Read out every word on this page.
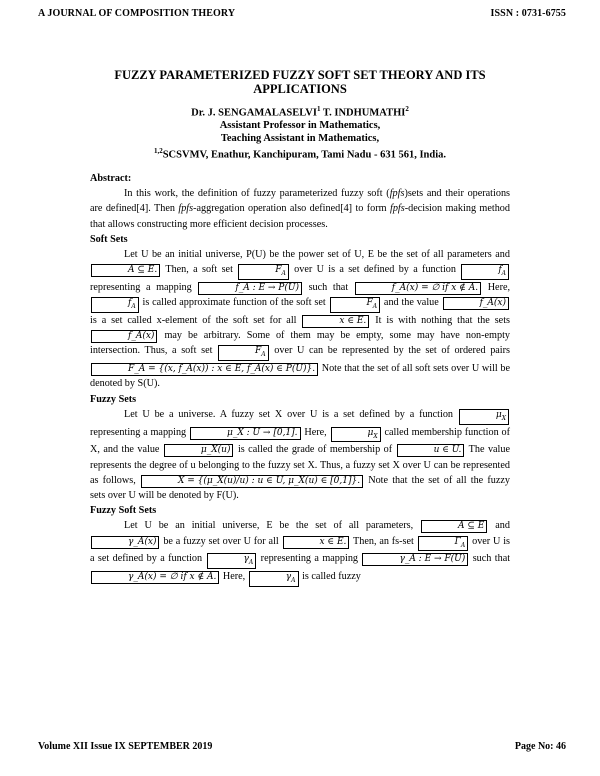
A JOURNAL OF COMPOSITION THEORY	ISSN : 0731-6755
FUZZY PARAMETERIZED FUZZY SOFT SET THEORY AND ITS APPLICATIONS
Dr. J. SENGAMALASELVI$^1$ T. INDHUMATHI$^2$
Assistant Professor in Mathematics,
Teaching Assistant in Mathematics,
$^{1,2}$SCSVMV, Enathur, Kanchipuram, Tami Nadu - 631 561, India.

Abstract:

In this work, the definition of fuzzy parameterized fuzzy soft (fpfs)sets and their operations are defined[4]. Then fpfs-aggregation operation also defined[4] to form fpfs-decision making method that allows constructing more efficient decision processes.

Soft Sets

Let U be an initial universe, P(U) be the power set of U, E be the set of all parameters and A ⊆ E. Then, a soft set	$F_A$ over U is a set defined by a function	$f_A$ representing a mapping	f_A : E → P(U) such that	f_A(x) = ∅ if x ∉ A. Here, $f_A$ is called approximate function of the soft set	$F_A$ and the value	f_A(x) is a set called x-element of the soft set for all	x ∈ E. It is with nothing that the sets f_A(x) may be arbitrary. Some of them may be empty, some may have non-empty intersection. Thus, a soft set	$F_A$ over U can be represented by the set of ordered pairs F_A = {(x, f_A(x)) : x ∈ E, f_A(x) ∈ P(U)}. Note that the set of all soft sets over U will be denoted by S(U).

Fuzzy Sets

Let U be a universe. A fuzzy set X over U is a set defined by a function	$\mu_X$ representing a mapping	μ_X : U → [0,1]. Here,	$\mu_X$ called membership function of X, and the value	μ_X(u) is called the grade of membership of	u ∈ U. The value represents the degree of u belonging to the fuzzy set X. Thus, a fuzzy set X over U can be represented as follows,	X = {(μ_X(u)/u) : u ∈ U, μ_X(u) ∈ [0,1]}. Note that the set of all the fuzzy sets over U will be denoted by F(U).

Fuzzy Soft Sets

Let U be an initial universe, E be the set of all parameters,	A ⊆ E and γ_A(x) be a fuzzy set over U for all	x ∈ E. Then, an fs-set	$\Gamma_A$ over U is a set defined by a function	$\gamma_A$ representing a mapping	γ_A : E → F(U) such that γ_A(x) = ∅ if x ∉ A. Here,	$\gamma_A$ is called fuzzy

Volume XII Issue IX SEPTEMBER 2019	Page No: 46
